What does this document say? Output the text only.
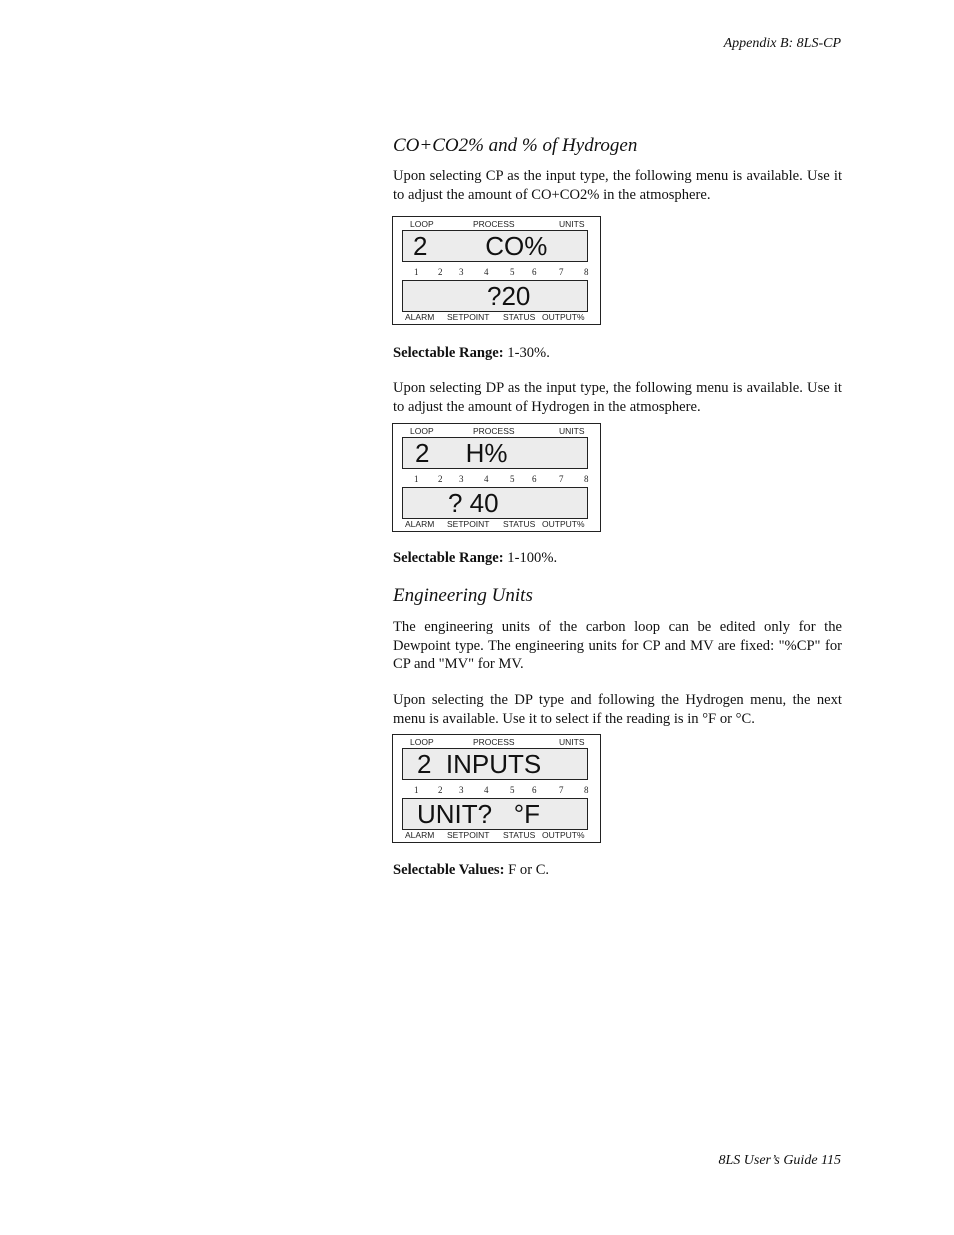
Appendix B: 8LS-CP
CO+CO2% and % of Hydrogen

Upon selecting CP as the input type, the following menu is available. Use it to adjust the amount of CO+CO2% in the atmosphere.

LOOP	PROCESS	UNITS
2        CO%
1 2 3 4 5 6	7 8
?20
ALARM SETPOINT STATUS OUTPUT%
Selectable Range: 1-30%.

Upon selecting DP as the input type, the following menu is available. Use it to adjust the amount of Hydrogen in the atmosphere.

LOOP	PROCESS	UNITS
2     H%
1 2 3 4 5 6	7 8
? 40
ALARM SETPOINT STATUS OUTPUT%
Selectable Range: 1-100%.
Engineering Units

The engineering units of the carbon loop can be edited only for the Dewpoint type. The engineering units for CP and MV are fixed: "%CP" for CP and "MV" for MV.

Upon selecting the DP type and following the Hydrogen menu, the next menu is available. Use it to select if the reading is in °F or °C.

LOOP	PROCESS	UNITS
2  INPUTS
1 2 3 4 5 6	7 8
UNIT?   °F
ALARM SETPOINT STATUS OUTPUT%
Selectable Values: F or C.
8LS User’s Guide 115
